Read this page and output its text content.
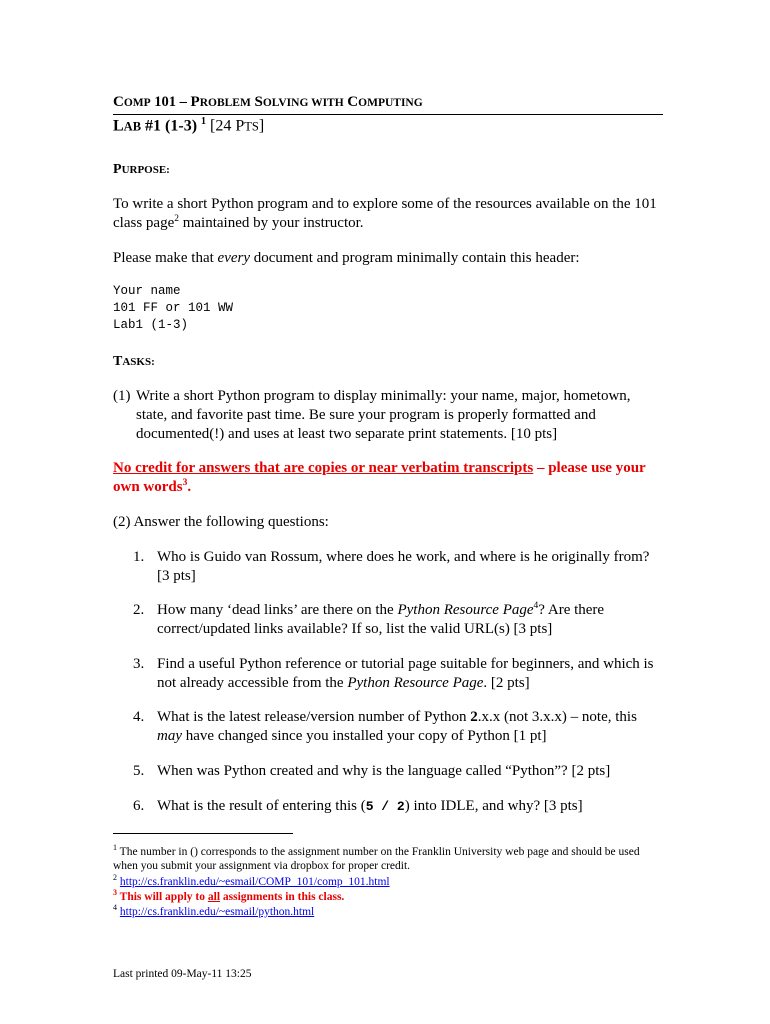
COMP 101 – PROBLEM SOLVING WITH COMPUTING
LAB #1 (1-3) $^1$ [24 PTS]
PURPOSE:
To write a short Python program and to explore some of the resources available on the 101 class page$^2$ maintained by your instructor.
Please make that every document and program minimally contain this header:
Your name
101 FF or 101 WW
Lab1 (1-3)
TASKS:
(1) Write a short Python program to display minimally: your name, major, hometown, state, and favorite past time. Be sure your program is properly formatted and documented(!) and uses at least two separate print statements. [10 pts]
No credit for answers that are copies or near verbatim transcripts – please use your own words$^3$.
(2) Answer the following questions:
1. Who is Guido van Rossum, where does he work, and where is he originally from? [3 pts]
2. How many ‘dead links’ are there on the Python Resource Page$^4$? Are there correct/updated links available? If so, list the valid URL(s) [3 pts]
3. Find a useful Python reference or tutorial page suitable for beginners, and which is not already accessible from the Python Resource Page. [2 pts]
4. What is the latest release/version number of Python 2.x.x (not 3.x.x) – note, this may have changed since you installed your copy of Python [1 pt]
5. When was Python created and why is the language called “Python”? [2 pts]
6. What is the result of entering this (5 / 2) into IDLE, and why? [3 pts]
$^1$ The number in () corresponds to the assignment number on the Franklin University web page and should be used when you submit your assignment via dropbox for proper credit.
$^2$ http://cs.franklin.edu/~esmail/COMP_101/comp_101.html
$^3$ This will apply to all assignments in this class.
$^4$ http://cs.franklin.edu/~esmail/python.html
Last printed 09-May-11 13:25
